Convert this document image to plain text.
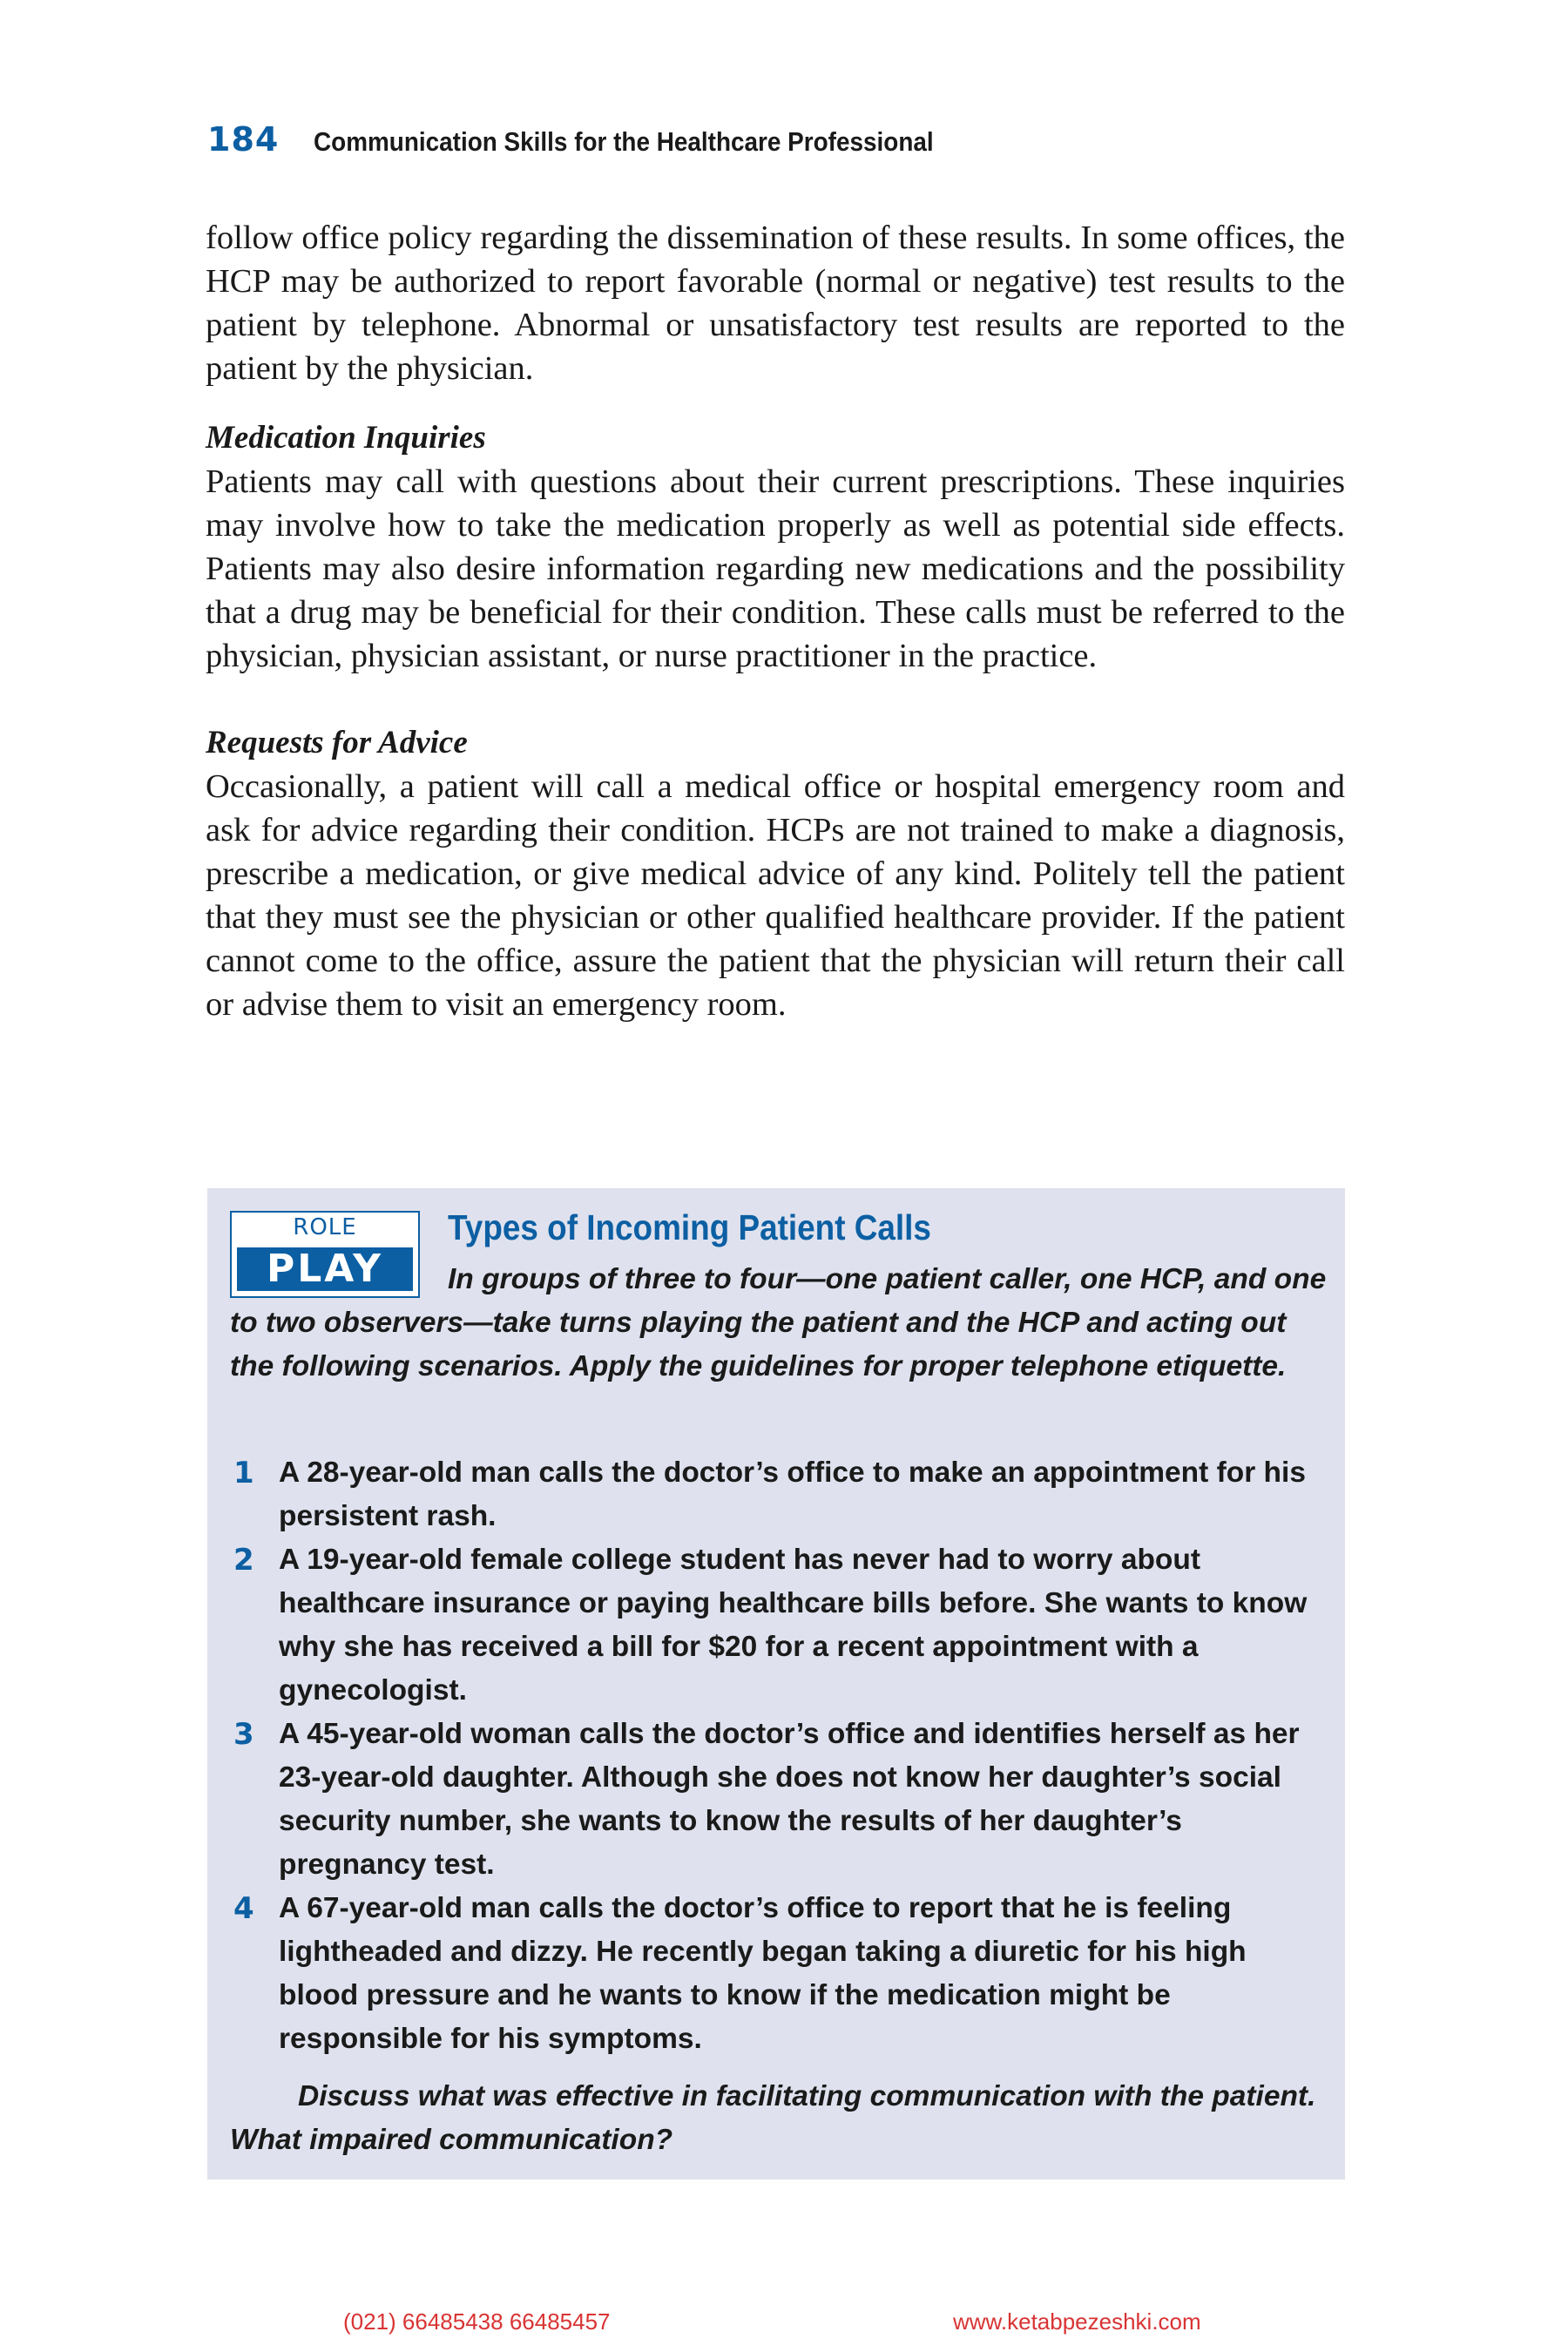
184 Communication Skills for the Healthcare Professional

follow office policy regarding the dissemination of these results. In some offices, the HCP may be authorized to report favorable (normal or negative) test results to the patient by telephone. Abnormal or unsatisfactory test results are reported to the patient by the physician.

Medication Inquiries

Patients may call with questions about their current prescriptions. These inquiries may involve how to take the medication properly as well as potential side effects. Patients may also desire information regarding new medications and the possibility that a drug may be beneficial for their condition. These calls must be referred to the physician, physician assistant, or nurse practitioner in the practice.

Requests for Advice

Occasionally, a patient will call a medical office or hospital emergency room and ask for advice regarding their condition. HCPs are not trained to make a diagnosis, prescribe a medication, or give medical advice of any kind. Politely tell the patient that they must see the physician or other qualified healthcare provider. If the patient cannot come to the office, assure the patient that the physician will return their call or advise them to visit an emergency room.

ROLE
PLAY
Types of Incoming Patient Calls
In groups of three to four—one patient caller, one HCP, and one to two observers—take turns playing the patient and the HCP and acting out the following scenarios. Apply the guidelines for proper telephone etiquette.
1 A 28-year-old man calls the doctor’s office to make an appointment for his persistent rash.
2 A 19-year-old female college student has never had to worry about healthcare insurance or paying healthcare bills before. She wants to know why she has received a bill for $20 for a recent appointment with a gynecologist.
3 A 45-year-old woman calls the doctor’s office and identifies herself as her 23-year-old daughter. Although she does not know her daughter’s social security number, she wants to know the results of her daughter’s pregnancy test.
4 A 67-year-old man calls the doctor’s office to report that he is feeling lightheaded and dizzy. He recently began taking a diuretic for his high blood pressure and he wants to know if the medication might be responsible for his symptoms.
Discuss what was effective in facilitating communication with the patient. What impaired communication?
(021) 66485438 66485457	www.ketabpezeshki.com
